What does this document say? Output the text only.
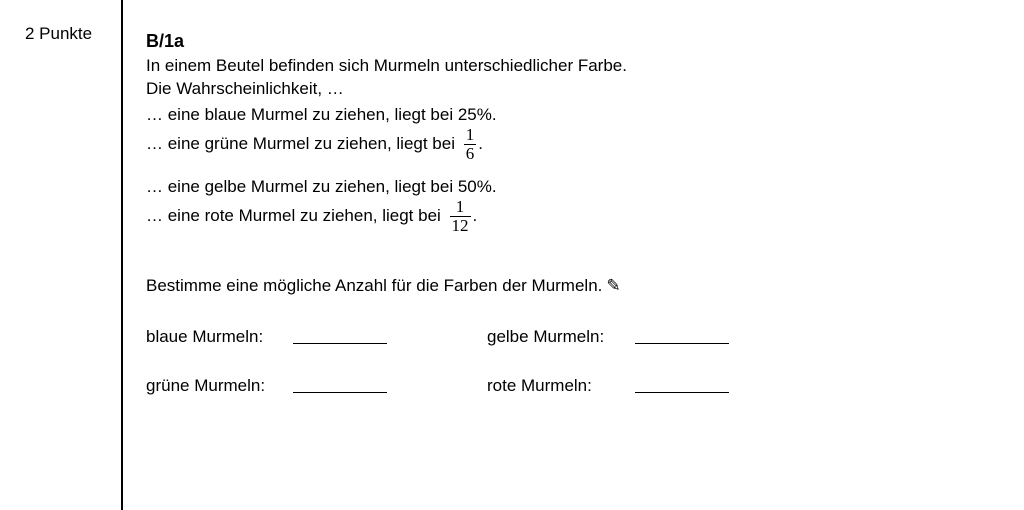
2 Punkte	B/1a
In einem Beutel befinden sich Murmeln unterschiedlicher Farbe.
Die Wahrscheinlichkeit, …
… eine blaue Murmel zu ziehen, liegt bei 25%.
… eine grüne Murmel zu ziehen, liegt bei $\frac{1}{6}$ .
… eine gelbe Murmel zu ziehen, liegt bei 50%.
… eine rote Murmel zu ziehen, liegt bei $\frac{1}{12}$ .
Bestimme eine mögliche Anzahl für die Farben der Murmeln. ✎
blaue Murmeln:	gelbe Murmeln:
grüne Murmeln:	rote Murmeln:
